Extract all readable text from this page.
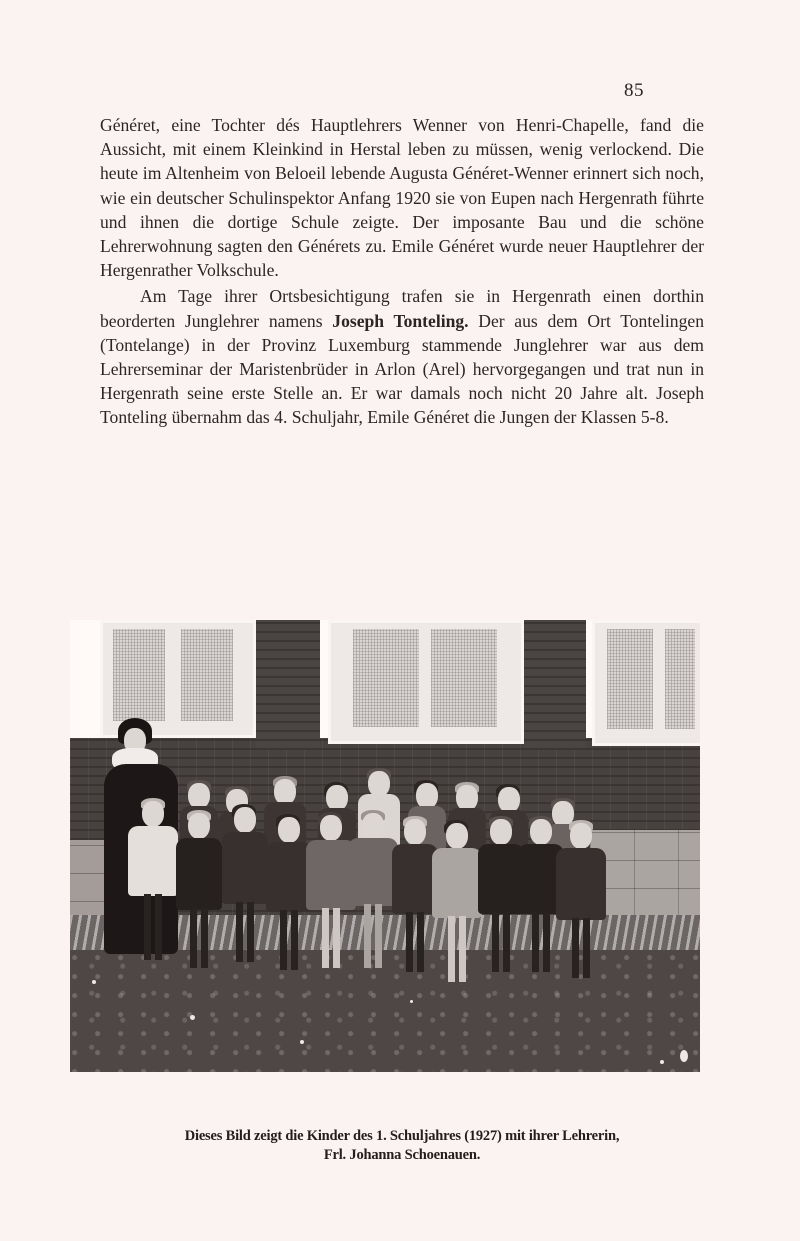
85

Généret, eine Tochter dés Hauptlehrers Wenner von Henri-Chapelle, fand die Aussicht, mit einem Kleinkind in Herstal leben zu müssen, wenig verlockend. Die heute im Altenheim von Beloeil lebende Augusta Généret-Wenner erinnert sich noch, wie ein deutscher Schulinspektor Anfang 1920 sie von Eupen nach Hergenrath führte und ihnen die dortige Schule zeigte. Der imposante Bau und die schöne Lehrerwohnung sagten den Générets zu. Emile Généret wurde neuer Hauptlehrer der Hergenrather Volkschule.

Am Tage ihrer Ortsbesichtigung trafen sie in Hergenrath einen dorthin beorderten Junglehrer namens Joseph Tonteling. Der aus dem Ort Tontelingen (Tontelange) in der Provinz Luxemburg stammende Junglehrer war aus dem Lehrerseminar der Maristenbrüder in Arlon (Arel) hervorgegangen und trat nun in Hergenrath seine erste Stelle an. Er war damals noch nicht 20 Jahre alt. Joseph Tonteling übernahm das 4. Schuljahr, Emile Généret die Jungen der Klassen 5-8.

Dieses Bild zeigt die Kinder des 1. Schuljahres (1927) mit ihrer Lehrerin,
Frl. Johanna Schoenauen.
